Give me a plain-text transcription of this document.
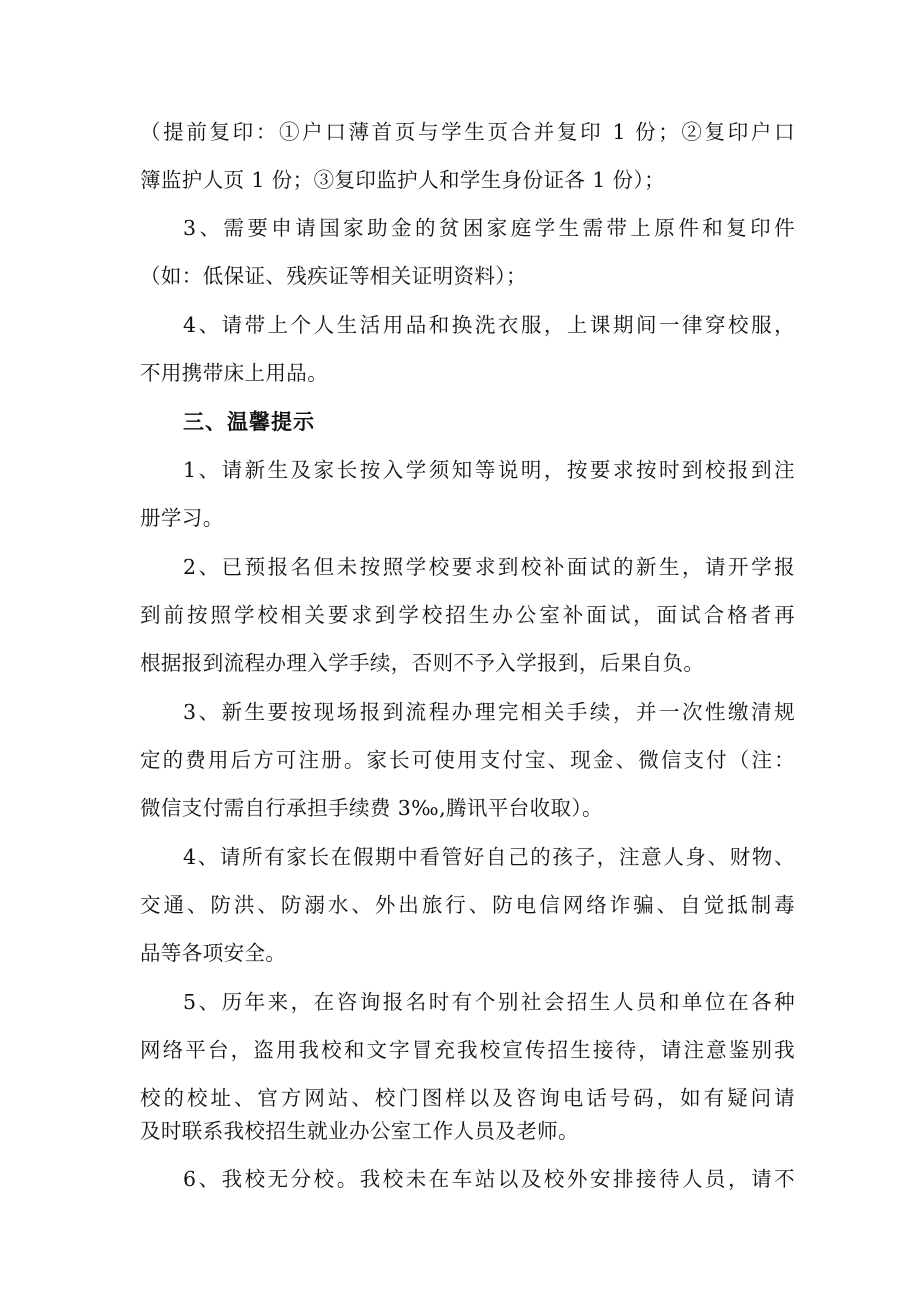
（提前复印：①户口薄首页与学生页合并复印 1 份；②复印户口
簿监护人页 1 份；③复印监护人和学生身份证各 1 份）；
3、需要申请国家助金的贫困家庭学生需带上原件和复印件
（如：低保证、残疾证等相关证明资料）；
4、请带上个人生活用品和换洗衣服，上课期间一律穿校服，
不用携带床上用品。
三、温馨提示
1、请新生及家长按入学须知等说明，按要求按时到校报到注
册学习。
2、已预报名但未按照学校要求到校补面试的新生，请开学报
到前按照学校相关要求到学校招生办公室补面试，面试合格者再
根据报到流程办理入学手续，否则不予入学报到，后果自负。
3、新生要按现场报到流程办理完相关手续，并一次性缴清规
定的费用后方可注册。家长可使用支付宝、现金、微信支付（注：
微信支付需自行承担手续费 3‰,腾讯平台收取）。
4、请所有家长在假期中看管好自己的孩子，注意人身、财物、
交通、防洪、防溺水、外出旅行、防电信网络诈骗、自觉抵制毒
品等各项安全。
5、历年来，在咨询报名时有个别社会招生人员和单位在各种
网络平台，盗用我校和文字冒充我校宣传招生接待，请注意鉴别我
校的校址、官方网站、校门图样以及咨询电话号码，如有疑问请
及时联系我校招生就业办公室工作人员及老师。
6、我校无分校。我校未在车站以及校外安排接待人员，请不
